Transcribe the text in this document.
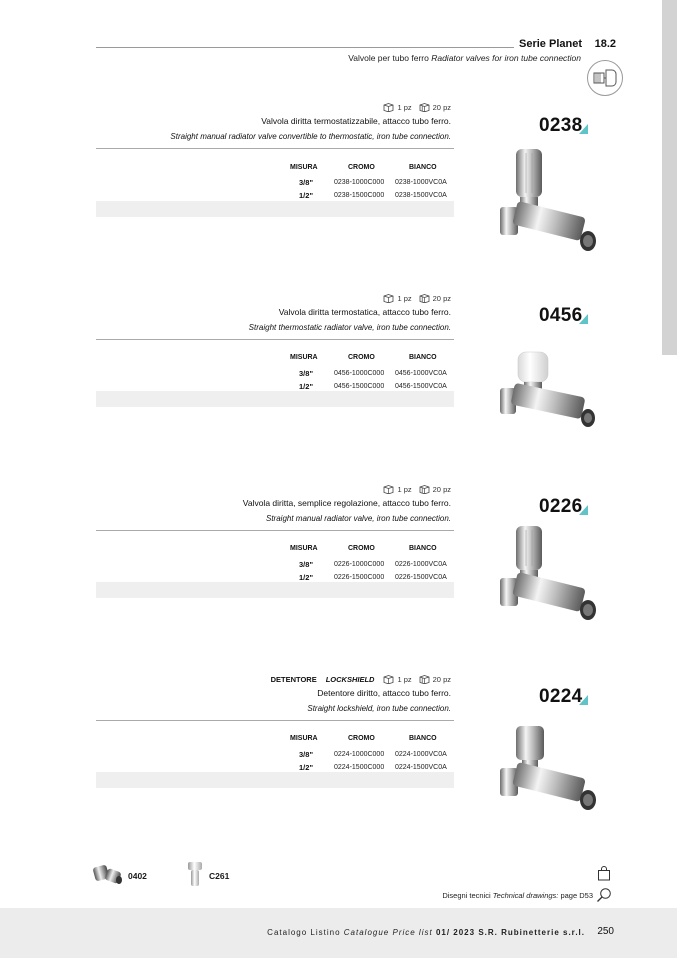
Serie Planet 18.2
Valvole per tubo ferro Radiator valves for iron tube connection
1 pz	20 pz
Valvola diritta termostatizzabile, attacco tubo ferro.
Straight manual radiator valve convertible to thermostatic, iron tube connection.
MISURA	CROMO	BIANCO
3/8"	0238-1000C000 0238-1000VC0A
1/2"	0238-1500C000 0238-1500VC0A
0238
1 pz	20 pz
Valvola diritta termostatica, attacco tubo ferro.
Straight thermostatic radiator valve, iron tube connection.
MISURA	CROMO	BIANCO
3/8"	0456-1000C000 0456-1000VC0A
1/2"	0456-1500C000 0456-1500VC0A
0456
1 pz	20 pz
Valvola diritta, semplice regolazione, attacco tubo ferro.
Straight manual radiator valve, iron tube connection.
MISURA	CROMO	BIANCO
3/8"	0226-1000C000 0226-1000VC0A
1/2"	0226-1500C000 0226-1500VC0A
0226
DETENTORE LOCKSHIELD	1 pz	20 pz
Detentore diritto, attacco tubo ferro.
Straight lockshield, iron tube connection.
MISURA	CROMO	BIANCO
3/8"	0224-1000C000 0224-1000VC0A
1/2"	0224-1500C000 0224-1500VC0A
0224
0402	C261
Disegni tecnici Technical drawings: page D53
Catalogo Listino Catalogue Price list 01/ 2023 S.R. Rubinetterie s.r.l. 250
